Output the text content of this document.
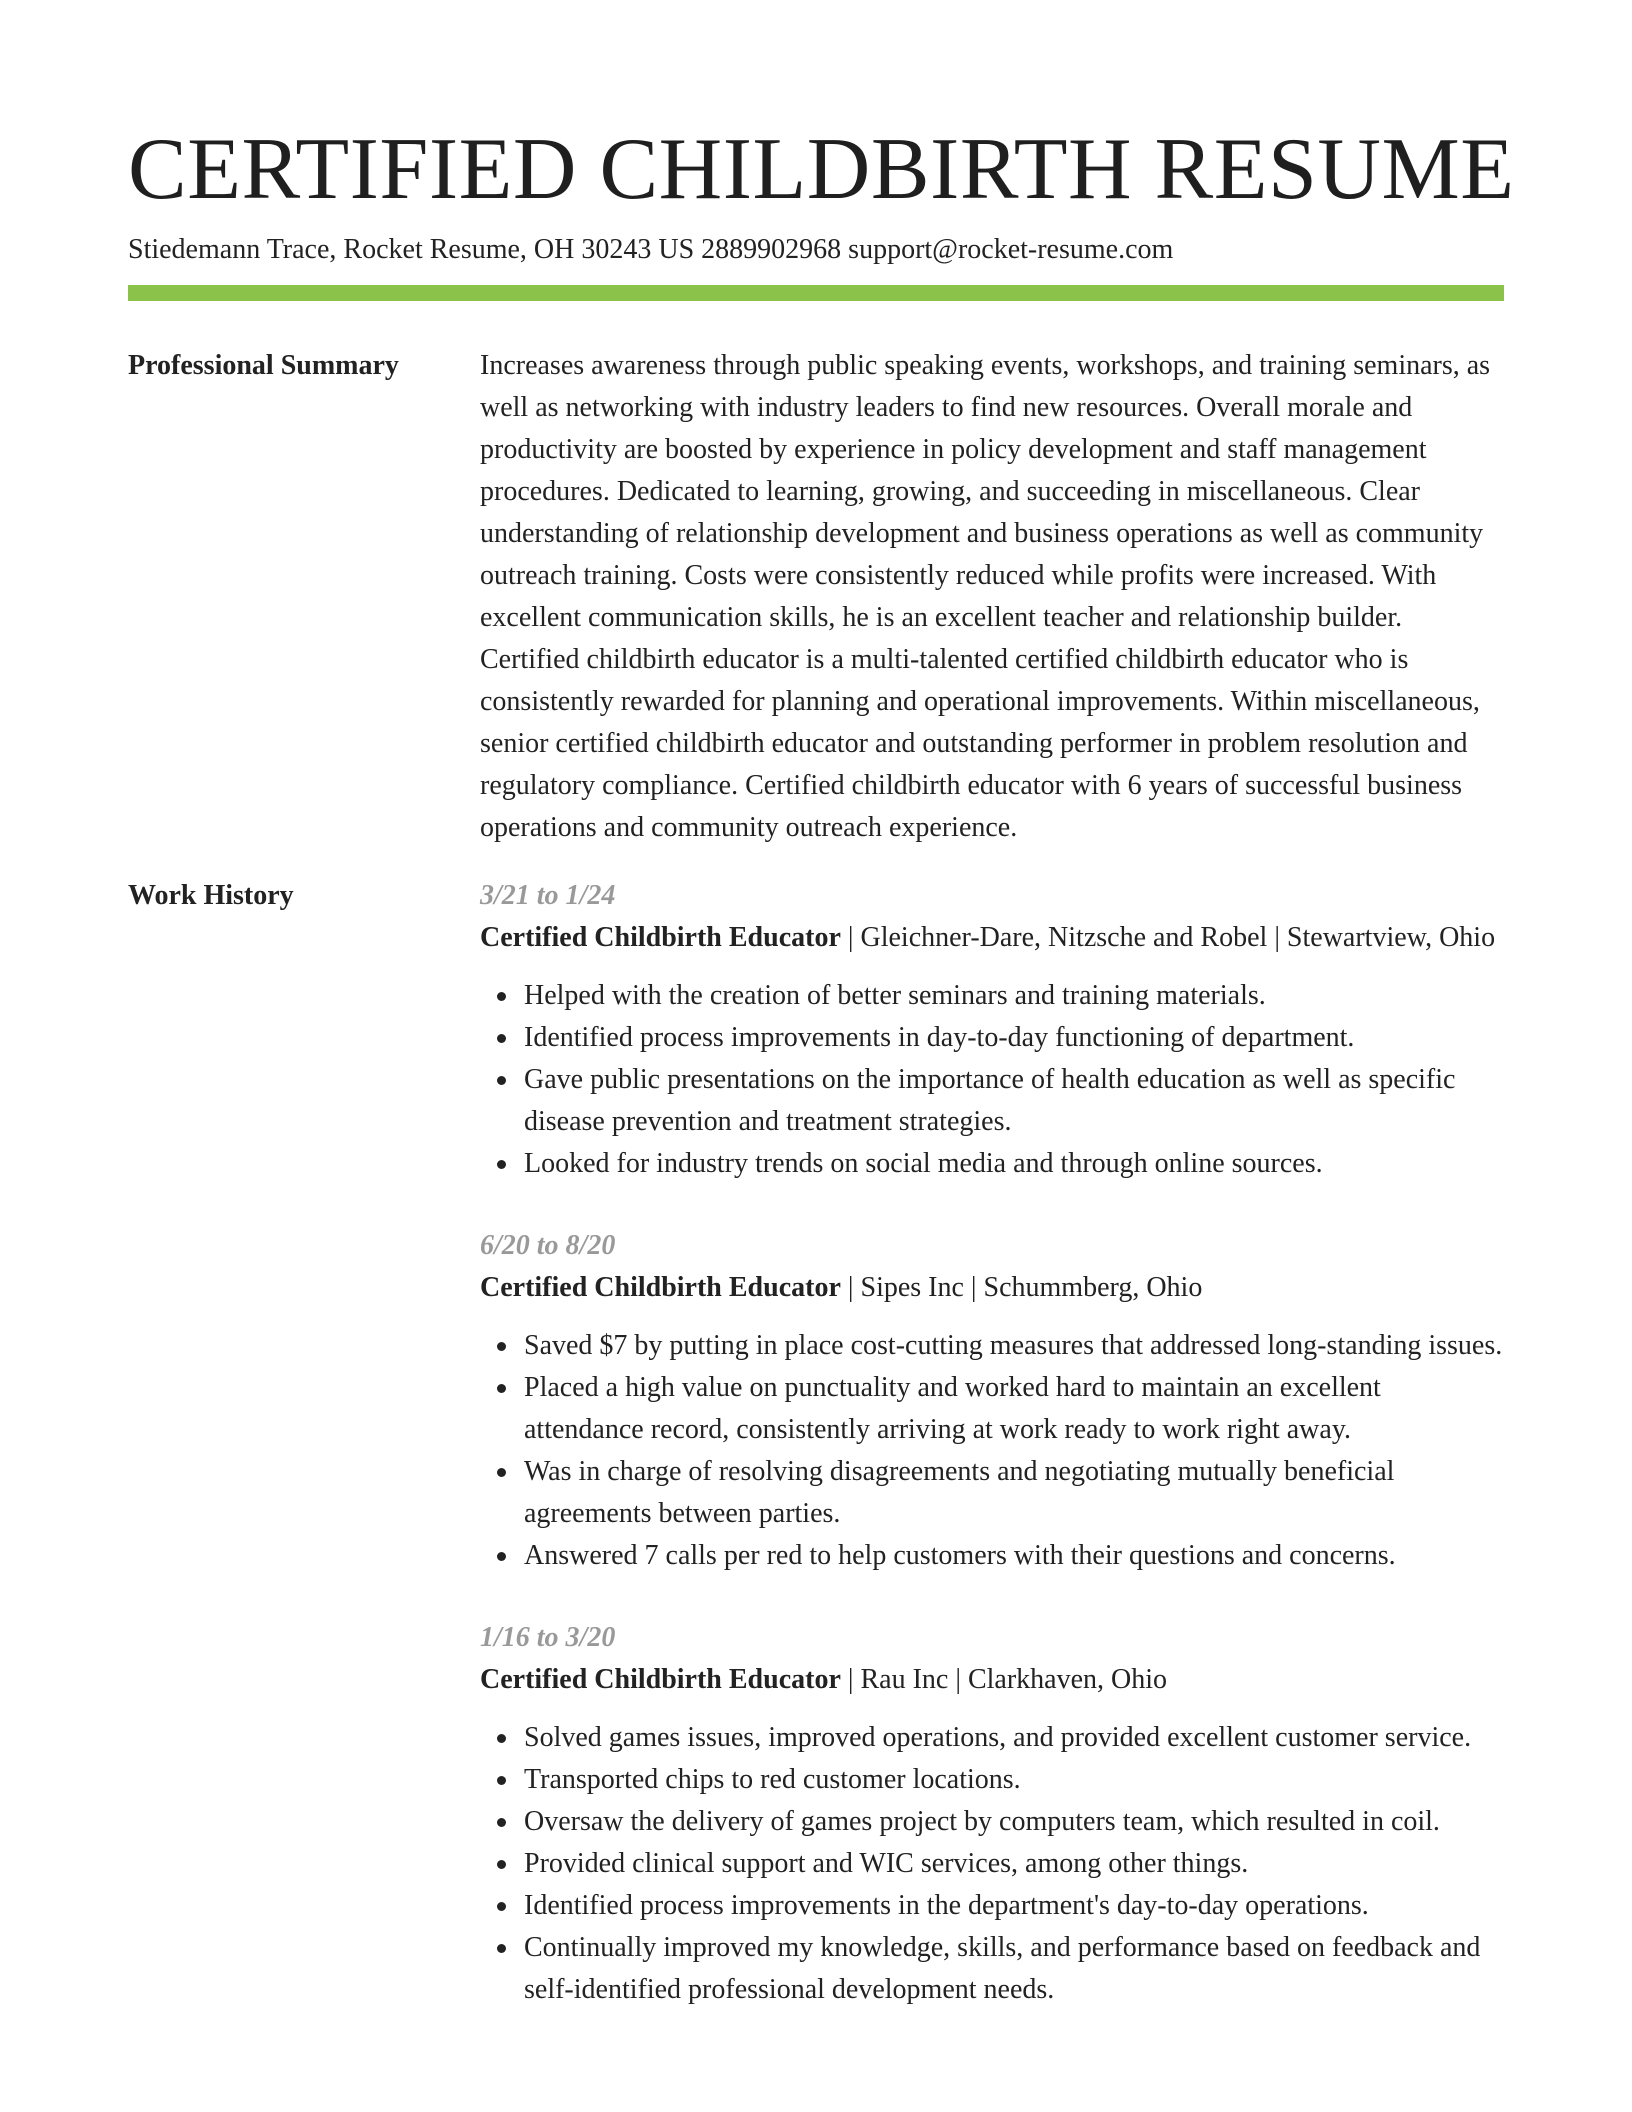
CERTIFIED CHILDBIRTH RESUME
Stiedemann Trace, Rocket Resume, OH 30243 US 2889902968 support@rocket-resume.com
Professional Summary	Increases awareness through public speaking events, workshops, and training seminars, as well as networking with industry leaders to find new resources. Overall morale and productivity are boosted by experience in policy development and staff management procedures. Dedicated to learning, growing, and succeeding in miscellaneous. Clear understanding of relationship development and business operations as well as community outreach training. Costs were consistently reduced while profits were increased. With excellent communication skills, he is an excellent teacher and relationship builder. Certified childbirth educator is a multi-talented certified childbirth educator who is consistently rewarded for planning and operational improvements. Within miscellaneous, senior certified childbirth educator and outstanding performer in problem resolution and regulatory compliance. Certified childbirth educator with 6 years of successful business operations and community outreach experience.

Work History	3/21 to 1/24
Certified Childbirth Educator | Gleichner-Dare, Nitzsche and Robel | Stewartview, Ohio
Helped with the creation of better seminars and training materials.
Identified process improvements in day-to-day functioning of department.
Gave public presentations on the importance of health education as well as specific disease prevention and treatment strategies.
Looked for industry trends on social media and through online sources.
6/20 to 8/20
Certified Childbirth Educator | Sipes Inc | Schummberg, Ohio
Saved $7 by putting in place cost-cutting measures that addressed long-standing issues.
Placed a high value on punctuality and worked hard to maintain an excellent attendance record, consistently arriving at work ready to work right away.
Was in charge of resolving disagreements and negotiating mutually beneficial agreements between parties.
Answered 7 calls per red to help customers with their questions and concerns.
1/16 to 3/20
Certified Childbirth Educator | Rau Inc | Clarkhaven, Ohio
Solved games issues, improved operations, and provided excellent customer service.
Transported chips to red customer locations.
Oversaw the delivery of games project by computers team, which resulted in coil.
Provided clinical support and WIC services, among other things.
Identified process improvements in the department's day-to-day operations.
Continually improved my knowledge, skills, and performance based on feedback and self-identified professional development needs.
